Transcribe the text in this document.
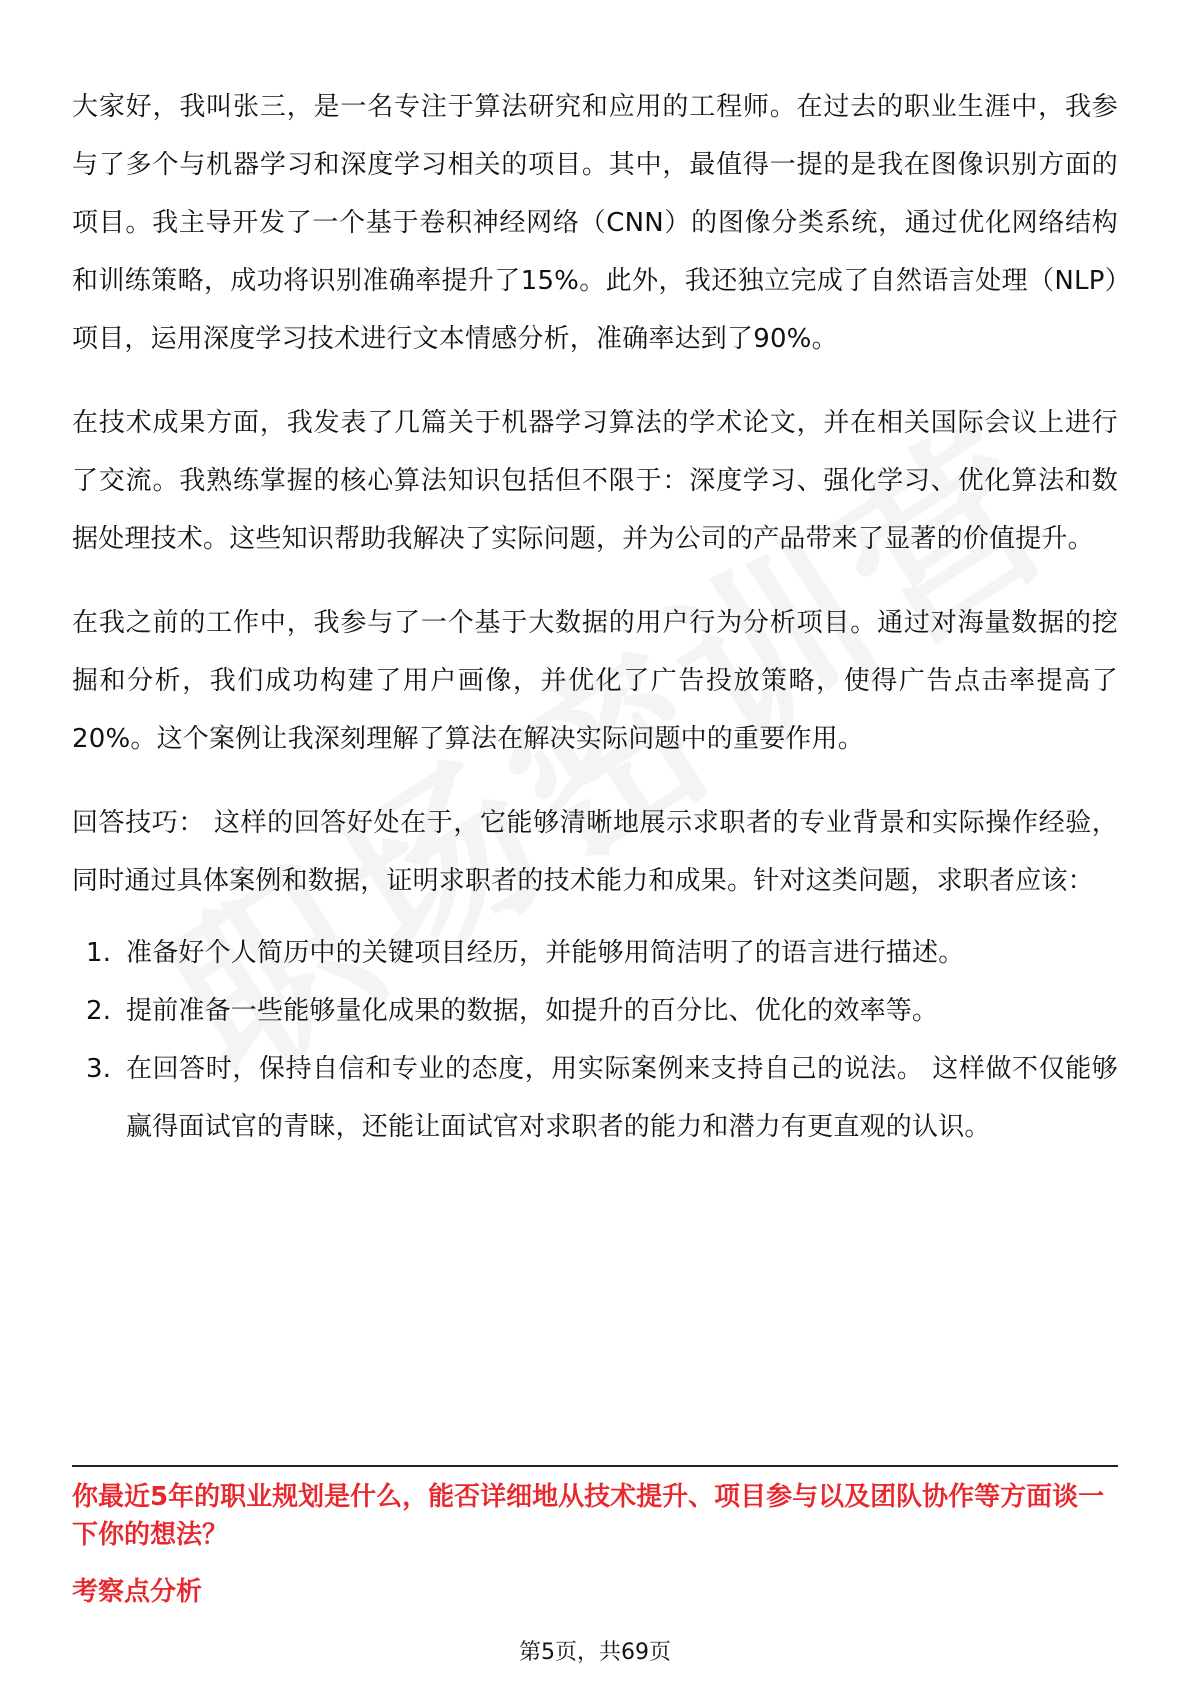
大家好，我叫张三，是一名专注于算法研究和应用的工程师。在过去的职业生涯中，我参与了多个与机器学习和深度学习相关的项目。其中，最值得一提的是我在图像识别方面的项目。我主导开发了一个基于卷积神经网络（CNN）的图像分类系统，通过优化网络结构和训练策略，成功将识别准确率提升了15%。此外，我还独立完成了自然语言处理（NLP）项目，运用深度学习技术进行文本情感分析，准确率达到了90%。

在技术成果方面，我发表了几篇关于机器学习算法的学术论文，并在相关国际会议上进行了交流。我熟练掌握的核心算法知识包括但不限于：深度学习、强化学习、优化算法和数据处理技术。这些知识帮助我解决了实际问题，并为公司的产品带来了显著的价值提升。

在我之前的工作中，我参与了一个基于大数据的用户行为分析项目。通过对海量数据的挖掘和分析，我们成功构建了用户画像，并优化了广告投放策略，使得广告点击率提高了20%。这个案例让我深刻理解了算法在解决实际问题中的重要作用。

回答技巧： 这样的回答好处在于，它能够清晰地展示求职者的专业背景和实际操作经验，同时通过具体案例和数据，证明求职者的技术能力和成果。针对这类问题，求职者应该：

1. 准备好个人简历中的关键项目经历，并能够用简洁明了的语言进行描述。
2. 提前准备一些能够量化成果的数据，如提升的百分比、优化的效率等。
3. 在回答时，保持自信和专业的态度，用实际案例来支持自己的说法。 这样做不仅能够赢得面试官的青睐，还能让面试官对求职者的能力和潜力有更直观的认识。
你最近5年的职业规划是什么，能否详细地从技术提升、项目参与以及团队协作等方面谈一下你的想法？
考察点分析
第5页，共69页
